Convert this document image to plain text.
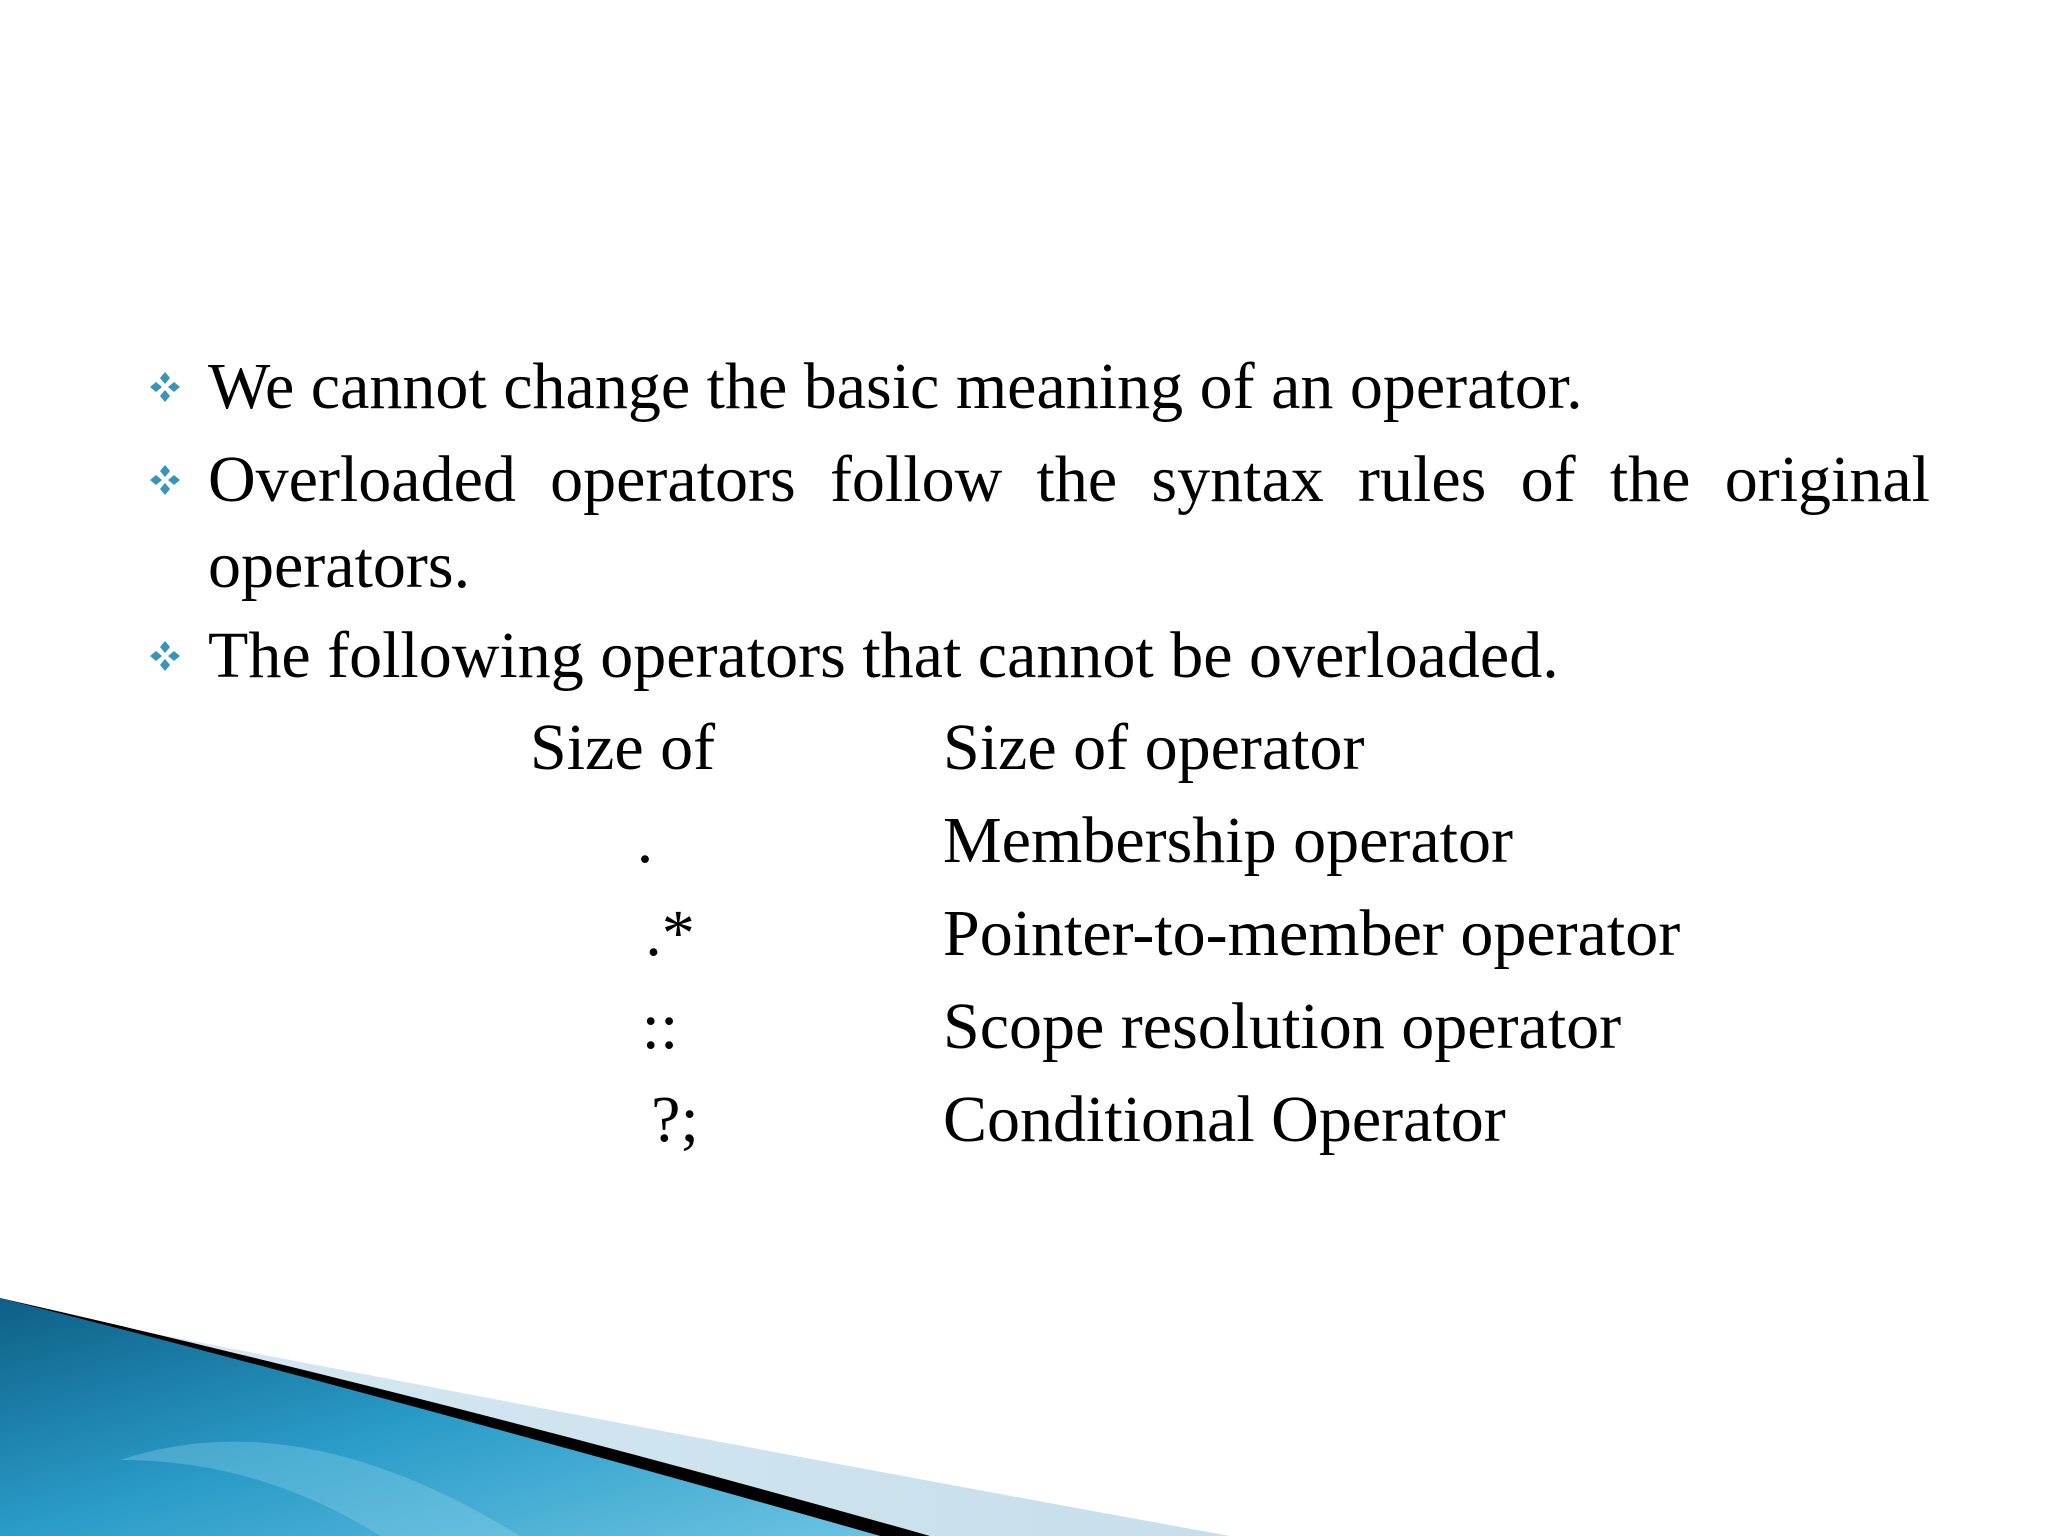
We cannot change the basic meaning of an operator.
Overloaded operators follow the syntax rules of the original operators.
The following operators that cannot be overloaded.
Size of	Size of operator
.	Membership operator
.*	Pointer-to-member operator
::	Scope resolution operator
?;	Conditional Operator
